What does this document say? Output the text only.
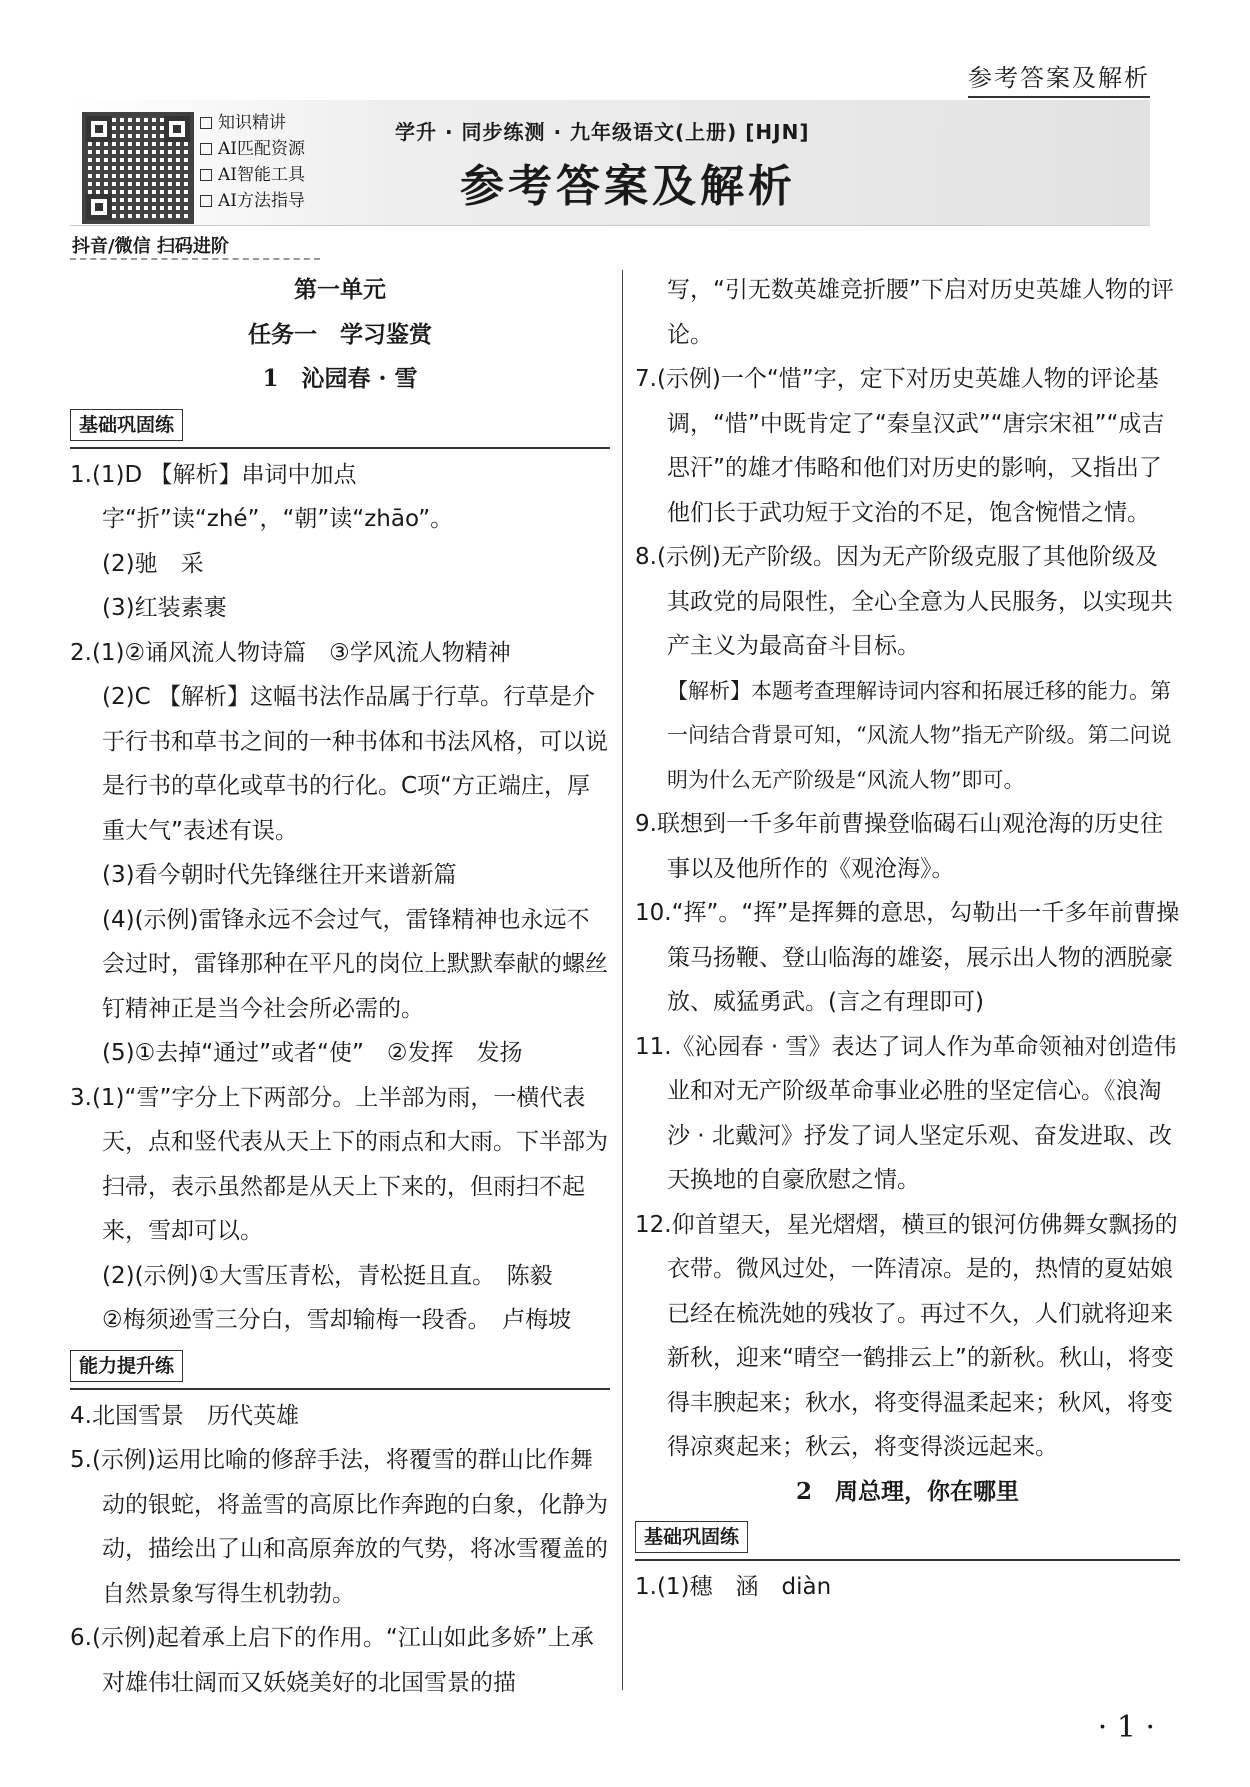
参考答案及解析
知识精讲
AI匹配资源
AI智能工具
AI方法指导
抖音/微信 扫码进阶
学升 · 同步练测 · 九年级语文(上册) [HJN]
参考答案及解析

第一单元

任务一　学习鉴赏

1　沁园春 · 雪

基础巩固练

1.(1)D 【解析】串词中加点字“折”读“zhé”，“朝”读“zhāo”。

(2)驰　采

(3)红装素裹

2.(1)②诵风流人物诗篇　③学风流人物精神

(2)C 【解析】这幅书法作品属于行草。行草是介于行书和草书之间的一种书体和书法风格，可以说是行书的草化或草书的行化。C项“方正端庄，厚重大气”表述有误。

(3)看今朝时代先锋继往开来谱新篇

(4)(示例)雷锋永远不会过气，雷锋精神也永远不会过时，雷锋那种在平凡的岗位上默默奉献的螺丝钉精神正是当今社会所必需的。

(5)①去掉“通过”或者“使”　②发挥　发扬

3.(1)“雪”字分上下两部分。上半部为雨，一横代表天，点和竖代表从天上下的雨点和大雨。下半部为扫帚，表示虽然都是从天上下来的，但雨扫不起来，雪却可以。

(2)(示例)①大雪压青松，青松挺且直。　陈毅

②梅须逊雪三分白，雪却输梅一段香。　卢梅坡

能力提升练

4.北国雪景　历代英雄

5.(示例)运用比喻的修辞手法，将覆雪的群山比作舞动的银蛇，将盖雪的高原比作奔跑的白象，化静为动，描绘出了山和高原奔放的气势，将冰雪覆盖的自然景象写得生机勃勃。

6.(示例)起着承上启下的作用。“江山如此多娇”上承对雄伟壮阔而又妖娆美好的北国雪景的描

写，“引无数英雄竞折腰”下启对历史英雄人物的评论。

7.(示例)一个“惜”字，定下对历史英雄人物的评论基调，“惜”中既肯定了“秦皇汉武”“唐宗宋祖”“成吉思汗”的雄才伟略和他们对历史的影响，又指出了他们长于武功短于文治的不足，饱含惋惜之情。

8.(示例)无产阶级。因为无产阶级克服了其他阶级及其政党的局限性，全心全意为人民服务，以实现共产主义为最高奋斗目标。

【解析】本题考查理解诗词内容和拓展迁移的能力。第一问结合背景可知，“风流人物”指无产阶级。第二问说明为什么无产阶级是“风流人物”即可。

9.联想到一千多年前曹操登临碣石山观沧海的历史往事以及他所作的《观沧海》。

10.“挥”。“挥”是挥舞的意思，勾勒出一千多年前曹操策马扬鞭、登山临海的雄姿，展示出人物的洒脱豪放、威猛勇武。(言之有理即可)

11.《沁园春 · 雪》表达了词人作为革命领袖对创造伟业和对无产阶级革命事业必胜的坚定信心。《浪淘沙 · 北戴河》抒发了词人坚定乐观、奋发进取、改天换地的自豪欣慰之情。

12.仰首望天，星光熠熠，横亘的银河仿佛舞女飘扬的衣带。微风过处，一阵清凉。是的，热情的夏姑娘已经在梳洗她的残妆了。再过不久，人们就将迎来新秋，迎来“晴空一鹤排云上”的新秋。秋山，将变得丰腴起来；秋水，将变得温柔起来；秋风，将变得凉爽起来；秋云，将变得淡远起来。

2　周总理，你在哪里

基础巩固练

1.(1)穗　涵　diàn

· 1 ·
